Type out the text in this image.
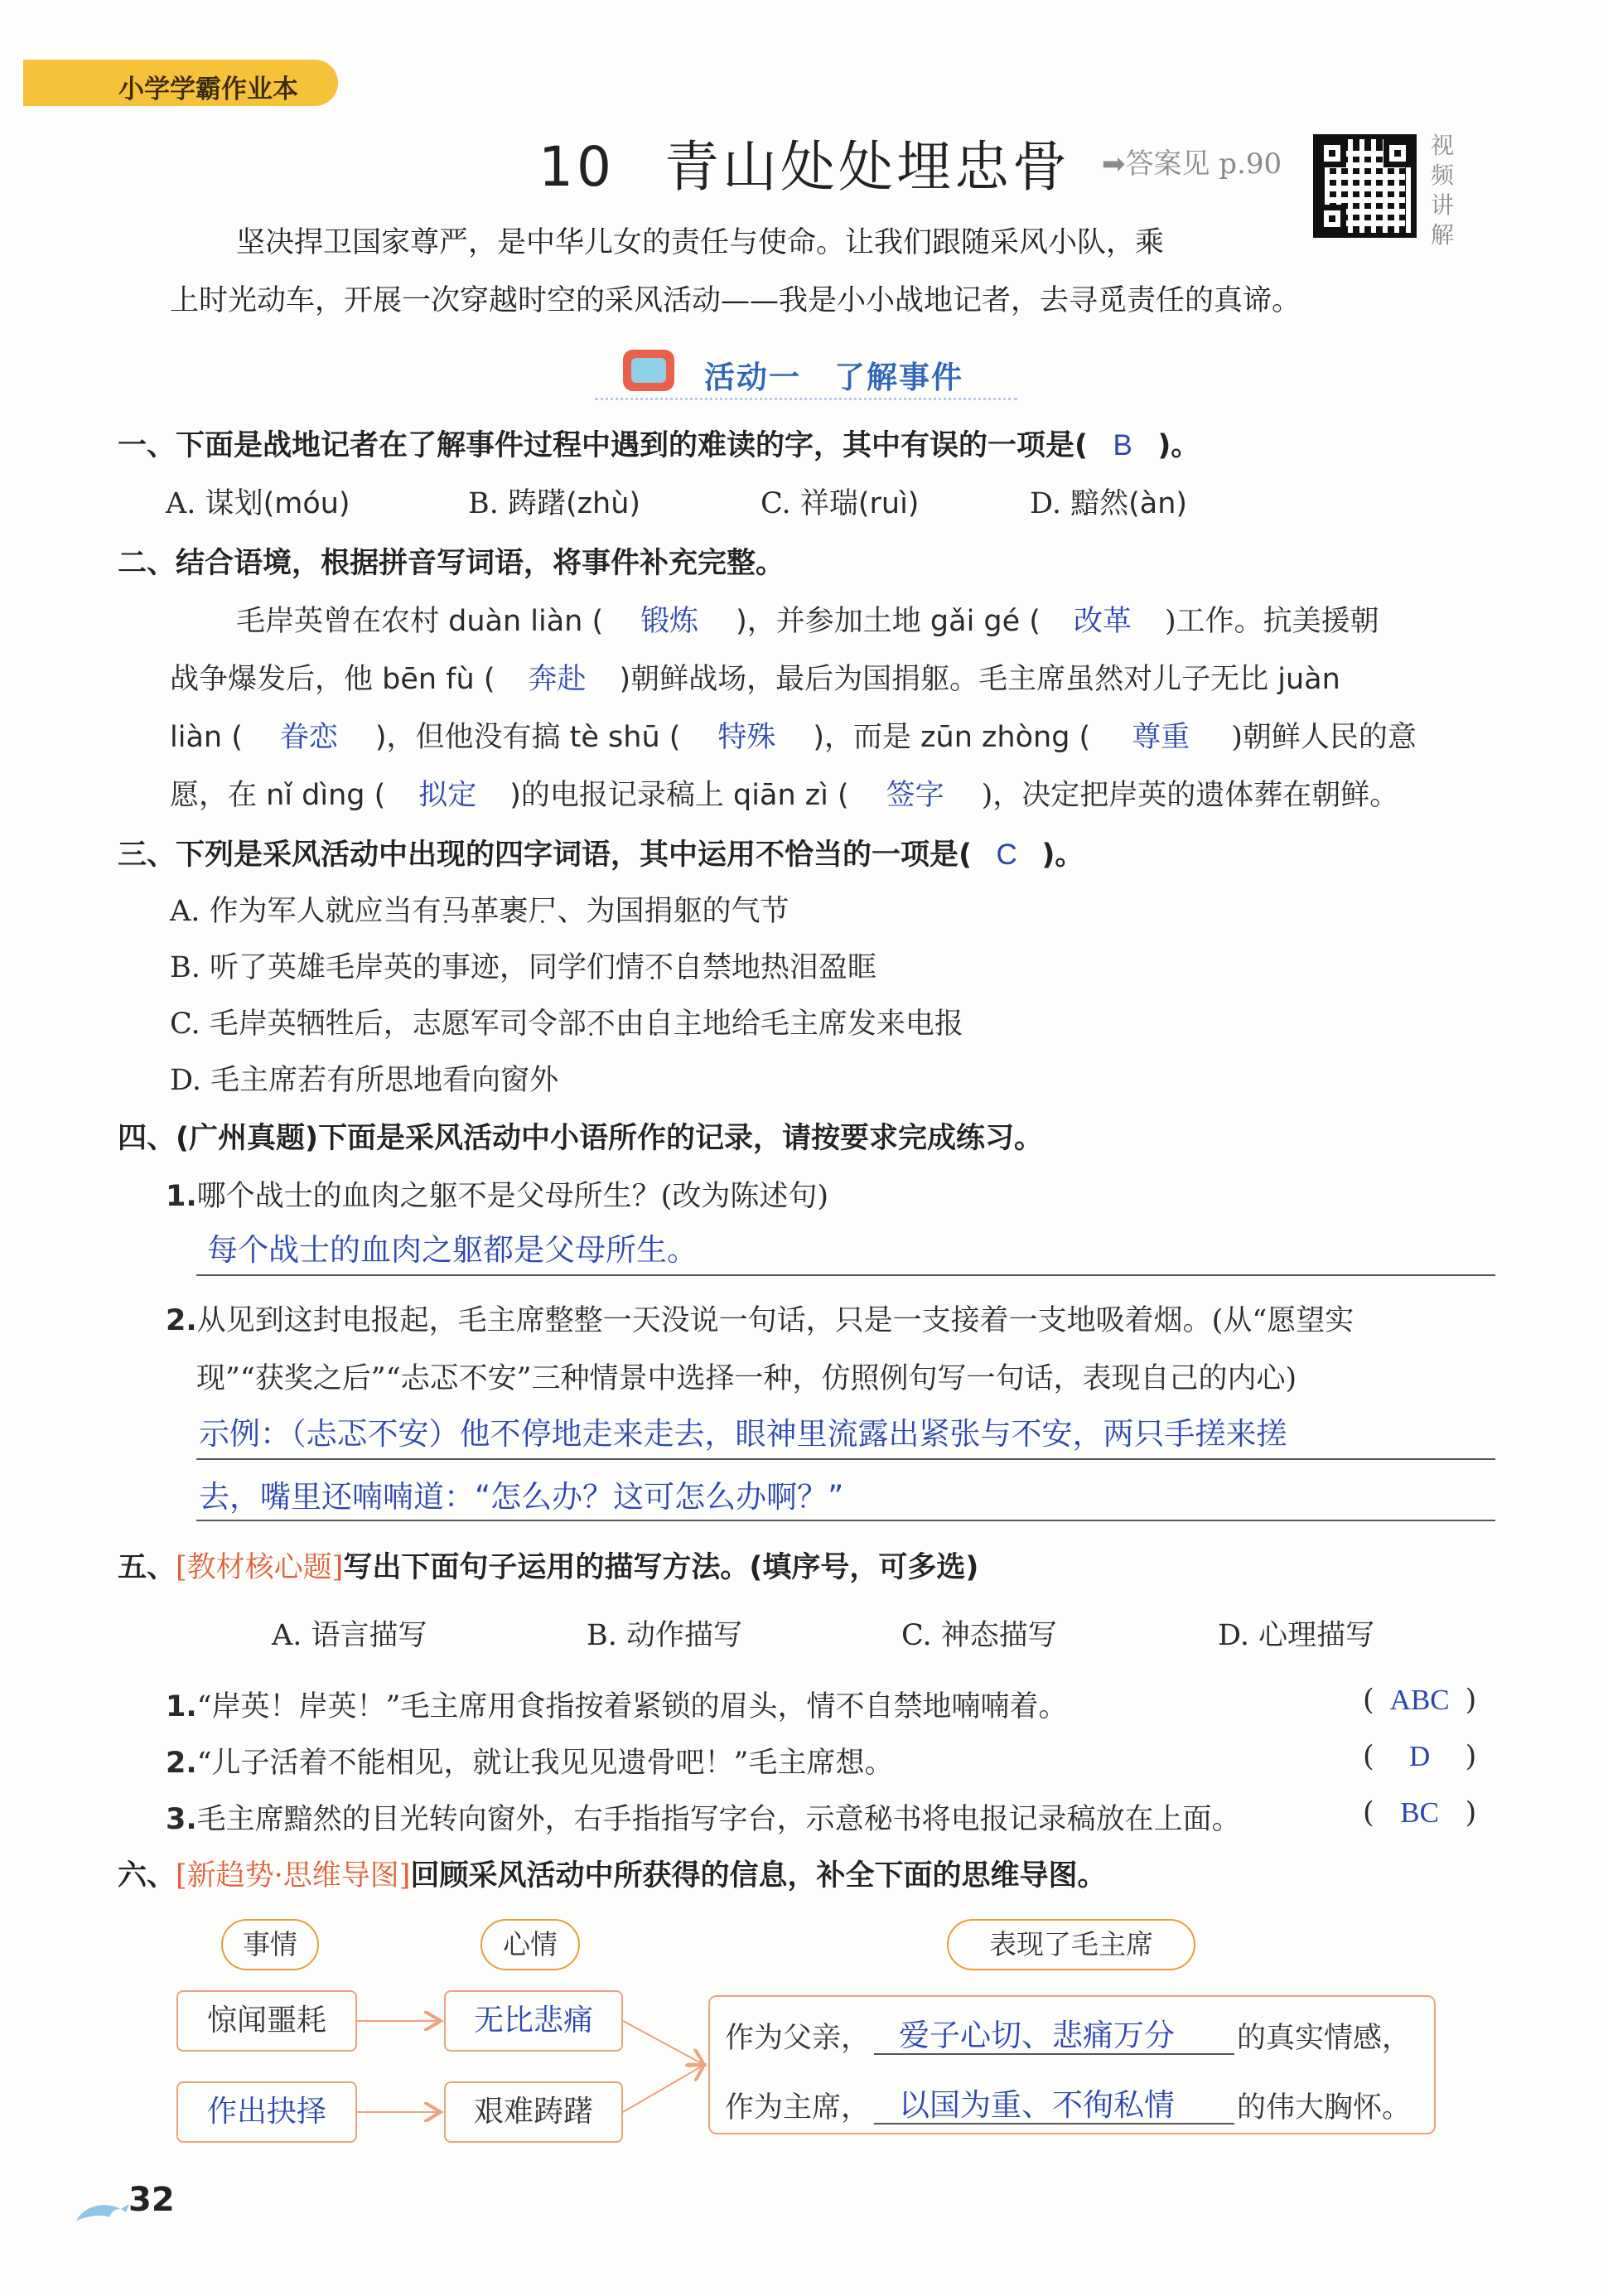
小学学霸作业本
10 青山处处埋忠骨 ➡答案见 p.90
视
频
讲
解
坚决捍卫国家尊严，是中华儿女的责任与使命。让我们跟随采风小队，乘
上时光动车，开展一次穿越时空的采风活动——我是小小战地记者，去寻觅责任的真谛。
活动一 了解事件
一、下面是战地记者在了解事件过程中遇到的难读的字，其中有误的一项是( B )。
A. 谋划(móu)	B. 踌躇(zhù)	C. 祥瑞(ruì)	D. 黯然(àn)
二、结合语境，根据拼音写词语，将事件补充完整。
毛岸英曾在农村 duàn liàn ( 锻炼 )，并参加土地 gǎi gé ( 改革 )工作。抗美援朝
战争爆发后，他 bēn fù ( 奔赴 )朝鲜战场，最后为国捐躯。毛主席虽然对儿子无比 juàn
liàn ( 眷恋 )，但他没有搞 tè shū ( 特殊 )，而是 zūn zhòng ( 尊重 )朝鲜人民的意
愿，在 nǐ dìng ( 拟定 )的电报记录稿上 qiān zì ( 签字 )，决定把岸英的遗体葬在朝鲜。
三、下列是采风活动中出现的四字词语，其中运用不恰当的一项是( C )。
A. 作为军人就应当有马革裹尸 • • • •、为国捐躯的气节
B. 听了英雄毛岸英的事迹，同学们情不自禁 • • • •地热泪盈眶
C. 毛岸英牺牲后，志愿军司令部不由自主 • • • •地给毛主席发来电报
D. 毛主席若有所思 • • • •地看向窗外
四、(广州真题)下面是采风活动中小语所作的记录，请按要求完成练习。
1.哪个战士的血肉之躯不是父母所生？(改为陈述句)
每个战士的血肉之躯都是父母所生。
2.从见到这封电报起，毛主席整整一天没说一句话，只是一支接着一支地吸着烟。(从“愿望实
现”“获奖之后”“忐忑不安”三种情景中选择一种，仿照例句写一句话，表现自己的内心)
示例：（忐忑不安）他不停地走来走去，眼神里流露出紧张与不安，两只手搓来搓
去，嘴里还喃喃道：“怎么办？这可怎么办啊？”
五、[教材核心题]写出下面句子运用的描写方法。(填序号，可多选)
A. 语言描写	B. 动作描写	C. 神态描写	D. 心理描写
1.“岸英！岸英！”毛主席用食指按着紧锁的眉头，情不自禁地喃喃着。	( ABC )
2.“儿子活着不能相见，就让我见见遗骨吧！”毛主席想。	( D )
3.毛主席黯然的目光转向窗外，右手指指写字台，示意秘书将电报记录稿放在上面。	( BC )
六、[新趋势·思维导图]回顾采风活动中所获得的信息，补全下面的思维导图。
事情	心情	表现了毛主席
惊闻噩耗
作出抉择
无比悲痛
艰难踌躇
作为父亲， 爱子心切、悲痛万分 的真实情感，
作为主席， 以国为重、不徇私情 的伟大胸怀。
32
